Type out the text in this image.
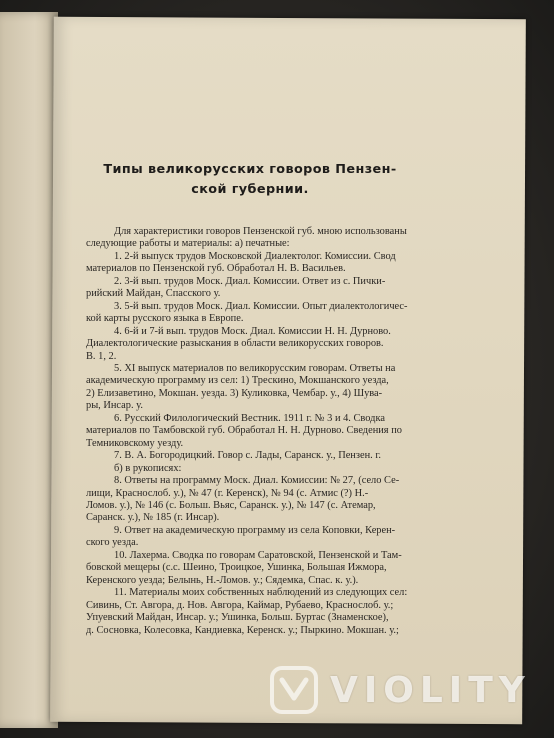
Типы великорусских говоров Пензен-
ской губернии.
Для характеристики говоров Пензенской губ. мною использованы
следующие работы и материалы: а) печатные:
1. 2-й выпуск трудов Московской Диалектолог. Комиссии. Свод
материалов по Пензенской губ. Обработал Н. В. Васильев.
2. 3-й вып. трудов Моск. Диал. Комиссии. Ответ из с. Пички-
рийский Майдан, Спасского у.
3. 5-й вып. трудов Моск. Диал. Комиссии. Опыт диалектологичес-
кой карты русского языка в Европе.
4. 6-й и 7-й вып. трудов Моск. Диал. Комиссии Н. Н. Дурново.
Диалектологические разыскания в области великорусских говоров.
В. 1, 2.
5. XI выпуск материалов по великорусским говорам. Ответы на
академическую программу из сел: 1) Трескино, Мокшанского уезда,
2) Елизаветино, Мокшан. уезда. 3) Куликовка, Чембар. у., 4) Шува-
ры, Инсар. у.
6. Русский Филологический Вестник. 1911 г. № 3 и 4. Сводка
материалов по Тамбовской губ. Обработал Н. Н. Дурново. Сведения по
Темниковскому уезду.
7. В. А. Богородицкий. Говор с. Лады, Саранск. у., Пензен. г.
б) в рукописях:
8. Ответы на программу Моск. Диал. Комиссии: № 27, (село Се-
лищи, Краснослоб. у.), № 47 (г. Керенск), № 94 (с. Атмис (?) Н.-
Ломов. у.), № 146 (с. Больш. Вьяс, Саранск. у.), № 147 (с. Атемар,
Саранск. у.), № 185 (г. Инсар).
9. Ответ на академическую программу из села Коповки, Керен-
ского уезда.
10. Лахерма. Сводка по говорам Саратовской, Пензенской и Там-
бовской мещеры (с.с. Шеино, Троицкое, Ушинка, Большая Ижмора,
Керенского уезда; Белынь, Н.-Ломов. у.; Сядемка, Спас. к. у.).
11. Материалы моих собственных наблюдений из следующих сел:
Сивинь, Ст. Авгора, д. Нов. Авгора, Каймар, Рубаево, Краснослоб. у.;
Упуевский Майдан, Инсар. у.; Ушинка, Больш. Буртас (Знаменское),
д. Сосновка, Колесовка, Кандиевка, Керенск. у.; Пыркино. Мокшан. у.;
VIOLITY
